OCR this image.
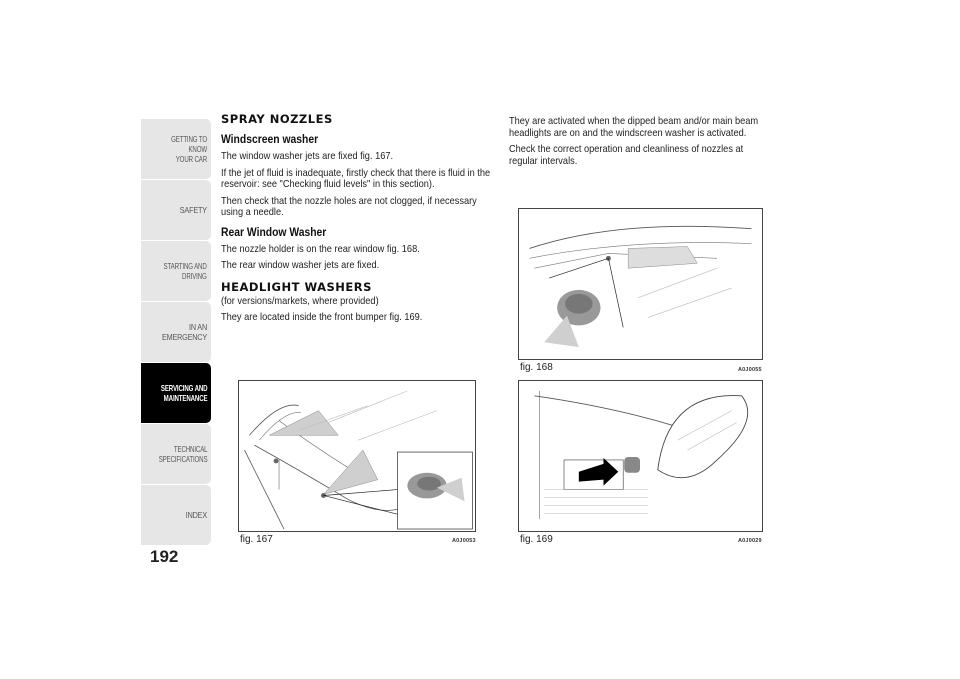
GETTING TO KNOW
YOUR CAR
SAFETY
STARTING AND
DRIVING
IN AN EMERGENCY
SERVICING AND
MAINTENANCE
TECHNICAL
SPECIFICATIONS
INDEX
192

SPRAY NOZZLES

Windscreen washer

The window washer jets are fixed fig. 167.

If the jet of fluid is inadequate, firstly check that there is fluid in the reservoir: see "Checking fluid levels" in this section).

Then check that the nozzle holes are not clogged, if necessary using a needle.

Rear Window Washer

The nozzle holder is on the rear window fig. 168.

The rear window washer jets are fixed.

HEADLIGHT WASHERS

(for versions/markets, where provided)

They are located inside the front bumper fig. 169.

They are activated when the dipped beam and/or main beam headlights are on and the windscreen washer is activated.

Check the correct operation and cleanliness of nozzles at regular intervals.

fig. 167	A0J0053
fig. 168	A0J0055
fig. 169	A0J0029
